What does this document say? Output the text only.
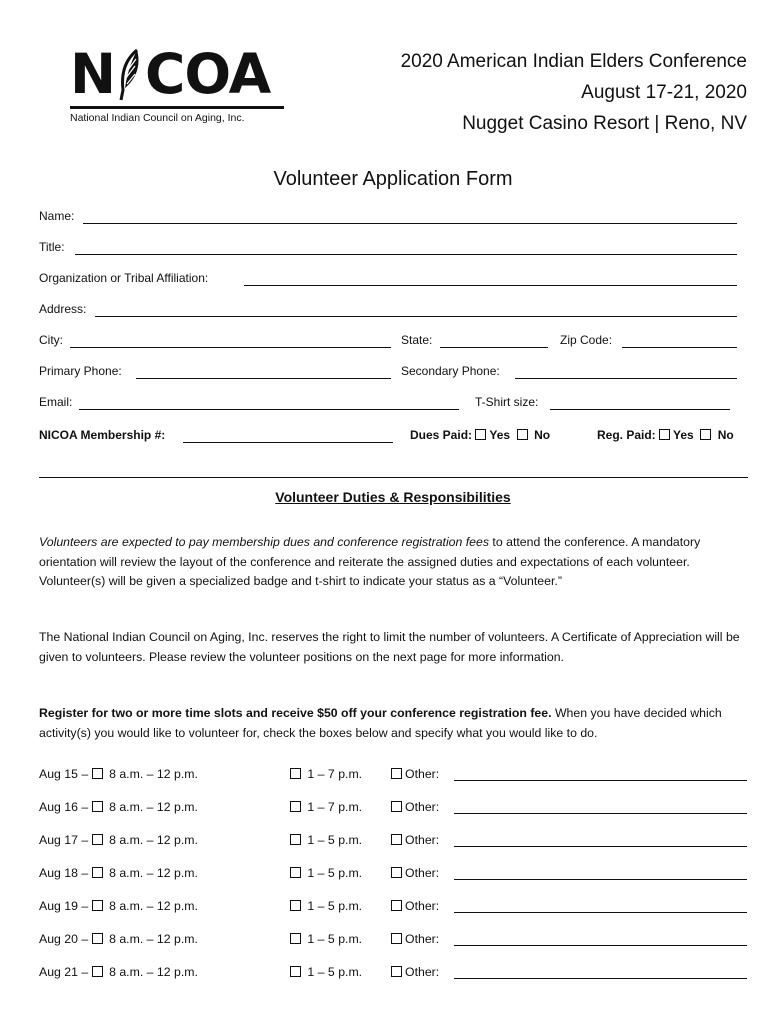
N COA
National Indian Council on Aging, Inc.
2020 American Indian Elders Conference
August 17-21, 2020
Nugget Casino Resort | Reno, NV
Volunteer Application Form
Name:
Title:
Organization or Tribal Affiliation:
Address:
City:	State:	Zip Code:
Primary Phone:	Secondary Phone:
Email:	T-Shirt size:
NICOA Membership #:	Dues Paid: Yes No	Reg. Paid: Yes No
Volunteer Duties & Responsibilities
Volunteers are expected to pay membership dues and conference registration fees to attend the conference. A mandatory orientation will review the layout of the conference and reiterate the assigned duties and expectations of each volunteer. Volunteer(s) will be given a specialized badge and t-shirt to indicate your status as a “Volunteer.”
The National Indian Council on Aging, Inc. reserves the right to limit the number of volunteers. A Certificate of Appreciation will be given to volunteers. Please review the volunteer positions on the next page for more information.
Register for two or more time slots and receive $50 off your conference registration fee. When you have decided which activity(s) you would like to volunteer for, check the boxes below and specify what you would like to do.
Aug 15 – 8 a.m. – 12 p.m.	1 – 7 p.m.	Other:
Aug 16 – 8 a.m. – 12 p.m.	1 – 7 p.m.	Other:
Aug 17 – 8 a.m. – 12 p.m.	1 – 5 p.m.	Other:
Aug 18 – 8 a.m. – 12 p.m.	1 – 5 p.m.	Other:
Aug 19 – 8 a.m. – 12 p.m.	1 – 5 p.m.	Other:
Aug 20 – 8 a.m. – 12 p.m.	1 – 5 p.m.	Other:
Aug 21 – 8 a.m. – 12 p.m.	1 – 5 p.m.	Other:
